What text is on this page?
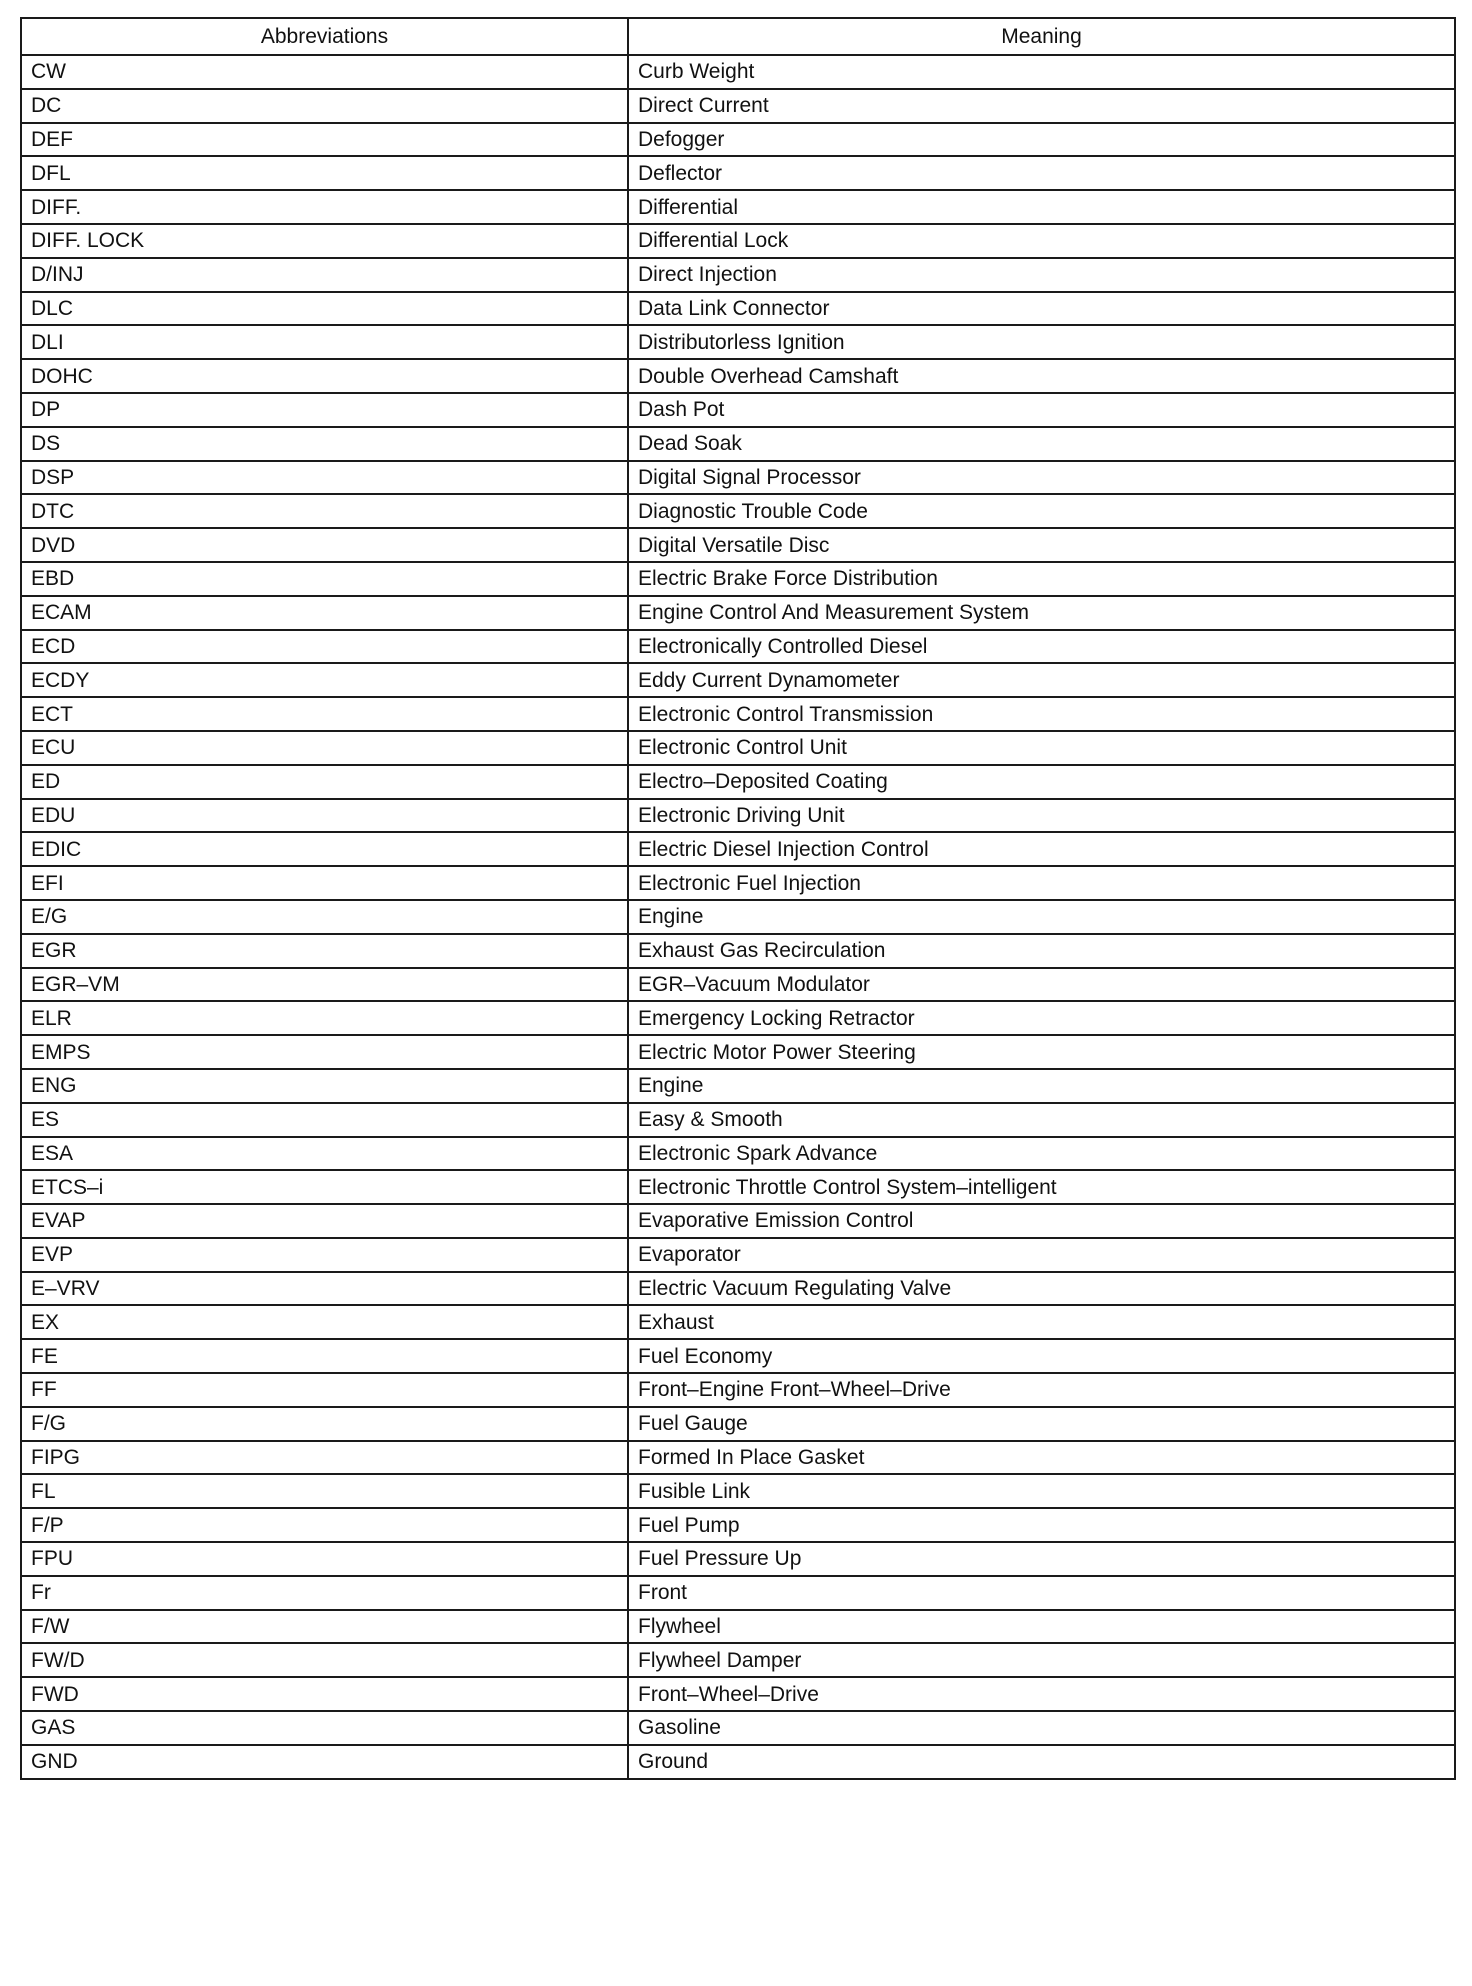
Abbreviations	Meaning
CW	Curb Weight
DC	Direct Current
DEF	Defogger
DFL	Deflector
DIFF.	Differential
DIFF. LOCK	Differential Lock
D/INJ	Direct Injection
DLC	Data Link Connector
DLI	Distributorless Ignition
DOHC	Double Overhead Camshaft
DP	Dash Pot
DS	Dead Soak
DSP	Digital Signal Processor
DTC	Diagnostic Trouble Code
DVD	Digital Versatile Disc
EBD	Electric Brake Force Distribution
ECAM	Engine Control And Measurement System
ECD	Electronically Controlled Diesel
ECDY	Eddy Current Dynamometer
ECT	Electronic Control Transmission
ECU	Electronic Control Unit
ED	Electro–Deposited Coating
EDU	Electronic Driving Unit
EDIC	Electric Diesel Injection Control
EFI	Electronic Fuel Injection
E/G	Engine
EGR	Exhaust Gas Recirculation
EGR–VM	EGR–Vacuum Modulator
ELR	Emergency Locking Retractor
EMPS	Electric Motor Power Steering
ENG	Engine
ES	Easy & Smooth
ESA	Electronic Spark Advance
ETCS–i	Electronic Throttle Control System–intelligent
EVAP	Evaporative Emission Control
EVP	Evaporator
E–VRV	Electric Vacuum Regulating Valve
EX	Exhaust
FE	Fuel Economy
FF	Front–Engine Front–Wheel–Drive
F/G	Fuel Gauge
FIPG	Formed In Place Gasket
FL	Fusible Link
F/P	Fuel Pump
FPU	Fuel Pressure Up
Fr	Front
F/W	Flywheel
FW/D	Flywheel Damper
FWD	Front–Wheel–Drive
GAS	Gasoline
GND	Ground
